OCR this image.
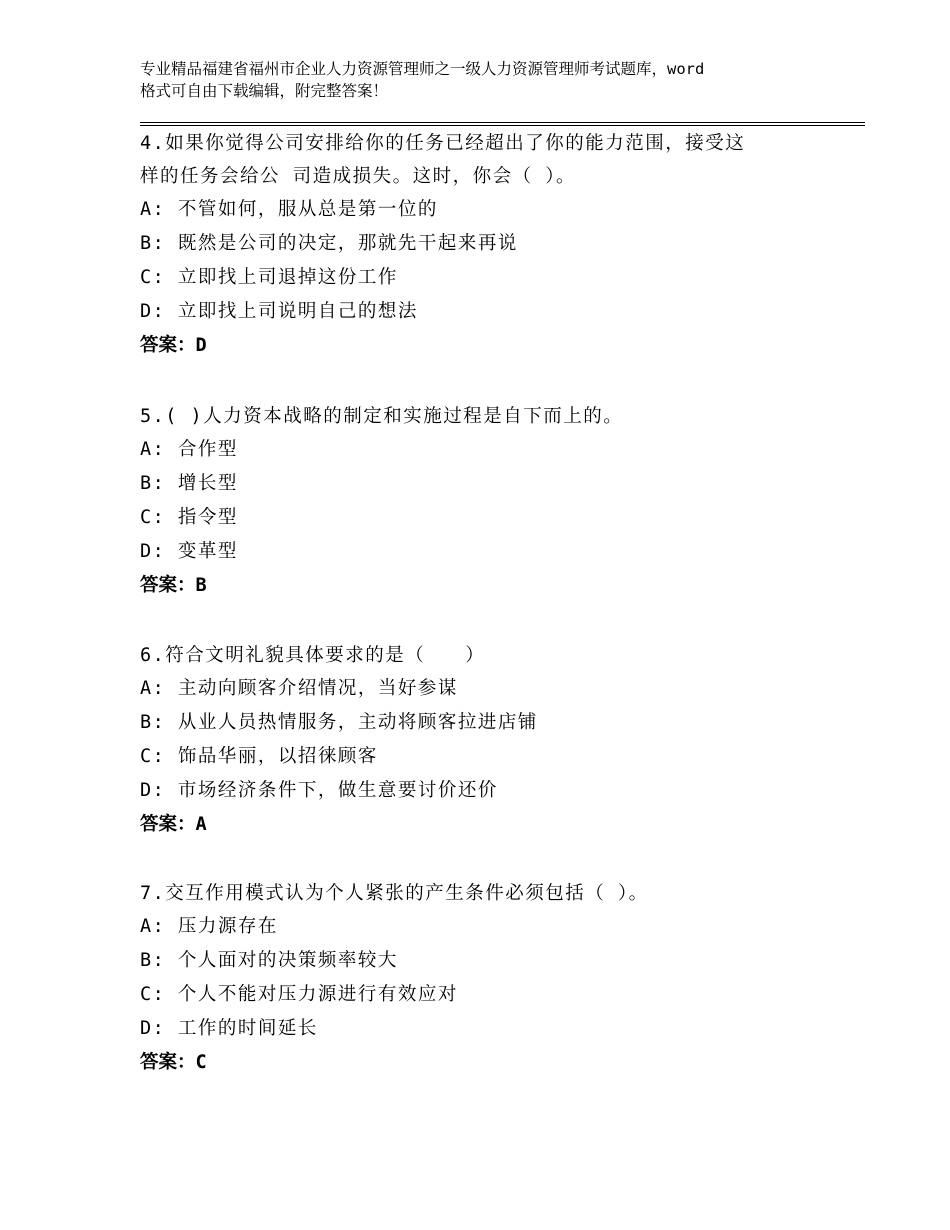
专业精品福建省福州市企业人力资源管理师之一级人力资源管理师考试题库，word
格式可自由下载编辑，附完整答案！

4.如果你觉得公司安排给你的任务已经超出了你的能力范围，接受这

样的任务会给公 司造成损失。这时，你会（ ）。

A: 不管如何，服从总是第一位的

B: 既然是公司的决定，那就先干起来再说

C: 立即找上司退掉这份工作

D: 立即找上司说明自己的想法

答案：D

5.( )人力资本战略的制定和实施过程是自下而上的。

A: 合作型

B: 增长型

C: 指令型

D: 变革型

答案：B

6.符合文明礼貌具体要求的是（　　）

A: 主动向顾客介绍情况，当好参谋

B: 从业人员热情服务，主动将顾客拉进店铺

C: 饰品华丽，以招徕顾客

D: 市场经济条件下，做生意要讨价还价

答案：A

7.交互作用模式认为个人紧张的产生条件必须包括（ ）。

A: 压力源存在

B: 个人面对的决策频率较大

C: 个人不能对压力源进行有效应对

D: 工作的时间延长

答案：C
